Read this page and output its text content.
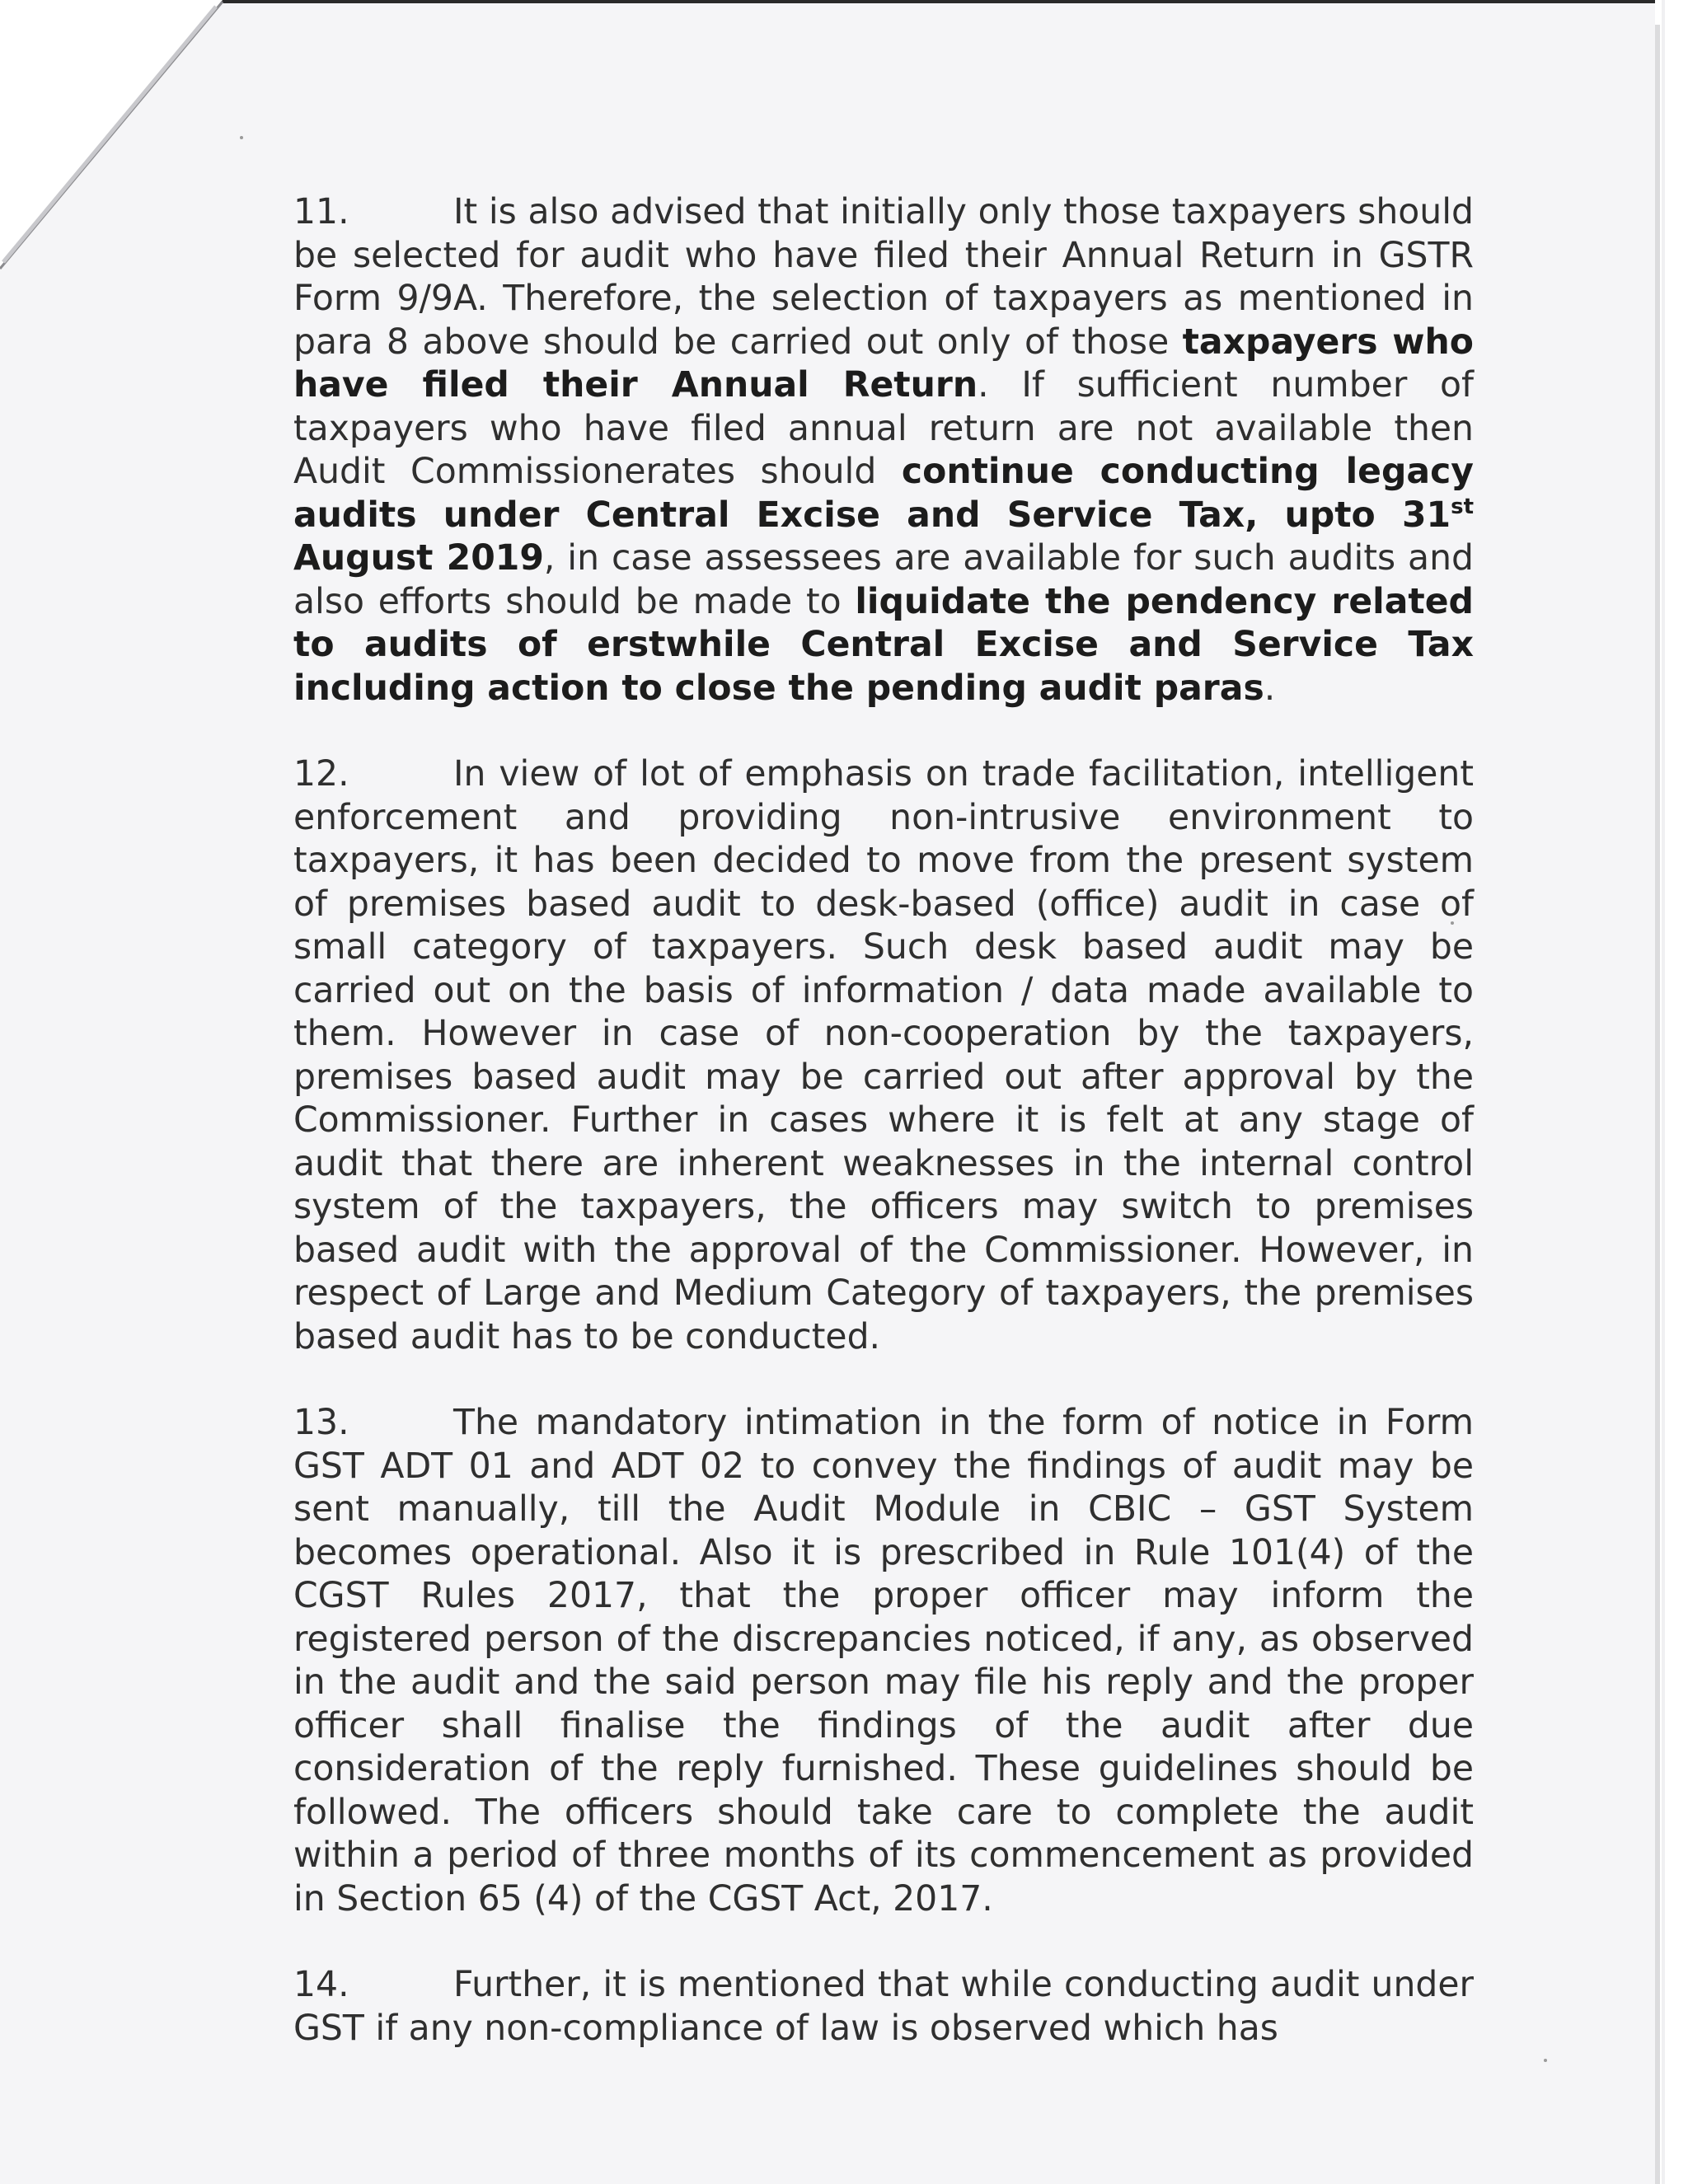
11.	It is also advised that initially only those taxpayers should be selected for audit who have filed their Annual Return in GSTR Form 9/9A. Therefore, the selection of taxpayers as mentioned in para 8 above should be carried out only of those taxpayers who have filed their Annual Return. If sufficient number of taxpayers who have filed annual return are not available then Audit Commissionerates should continue conducting legacy audits under Central Excise and Service Tax, upto 31st August 2019, in case assessees are available for such audits and also efforts should be made to liquidate the pendency related to audits of erstwhile Central Excise and Service Tax including action to close the pending audit paras.

12.	In view of lot of emphasis on trade facilitation, intelligent enforcement and providing non-intrusive environment to taxpayers, it has been decided to move from the present system of premises based audit to desk-based (office) audit in case of small category of taxpayers. Such desk based audit may be carried out on the basis of information / data made available to them. However in case of non-cooperation by the taxpayers, premises based audit may be carried out after approval by the Commissioner. Further in cases where it is felt at any stage of audit that there are inherent weaknesses in the internal control system of the taxpayers, the officers may switch to premises based audit with the approval of the Commissioner. However, in respect of Large and Medium Category of taxpayers, the premises based audit has to be conducted.

13.	The mandatory intimation in the form of notice in Form GST ADT 01 and ADT 02 to convey the findings of audit may be sent manually, till the Audit Module in CBIC – GST System becomes operational. Also it is prescribed in Rule 101(4) of the CGST Rules 2017, that the proper officer may inform the registered person of the discrepancies noticed, if any, as observed in the audit and the said person may file his reply and the proper officer shall finalise the findings of the audit after due consideration of the reply furnished. These guidelines should be followed. The officers should take care to complete the audit within a period of three months of its commencement as provided in Section 65 (4) of the CGST Act, 2017.

14.	Further, it is mentioned that while conducting audit under GST if any non-compliance of law is observed which has
